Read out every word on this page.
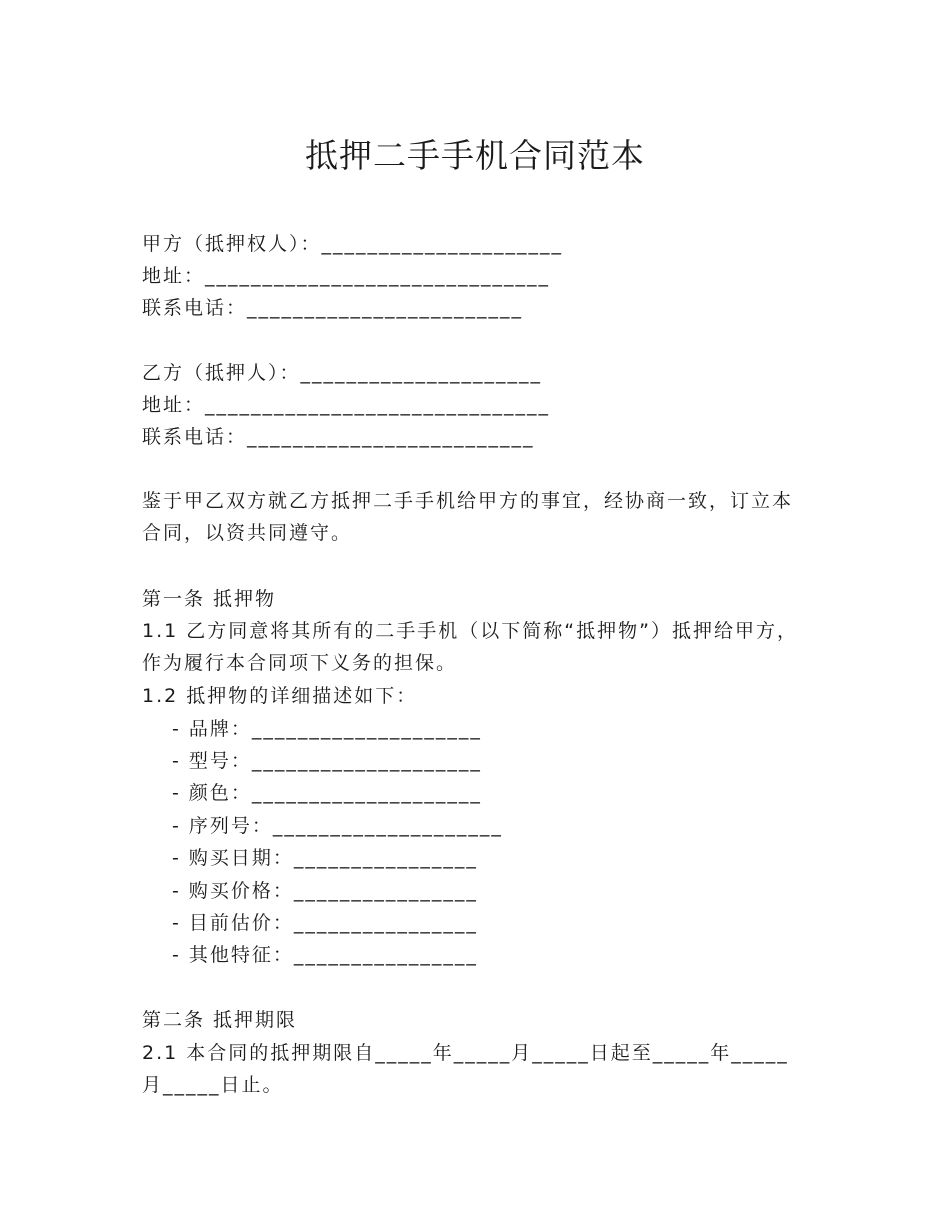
抵押二手手机合同范本
甲方（抵押权人）：_____________________
地址：______________________________
联系电话：________________________
乙方（抵押人）：_____________________
地址：______________________________
联系电话：_________________________
鉴于甲乙双方就乙方抵押二手手机给甲方的事宜，经协商一致，订立本合同，以资共同遵守。
第一条 抵押物
1.1 乙方同意将其所有的二手手机（以下简称“抵押物”）抵押给甲方，作为履行本合同项下义务的担保。
1.2 抵押物的详细描述如下：
- 品牌：____________________
- 型号：____________________
- 颜色：____________________
- 序列号：____________________
- 购买日期：________________
- 购买价格：________________
- 目前估价：________________
- 其他特征：________________
第二条 抵押期限
2.1 本合同的抵押期限自_____年_____月_____日起至_____年_____月_____日止。
